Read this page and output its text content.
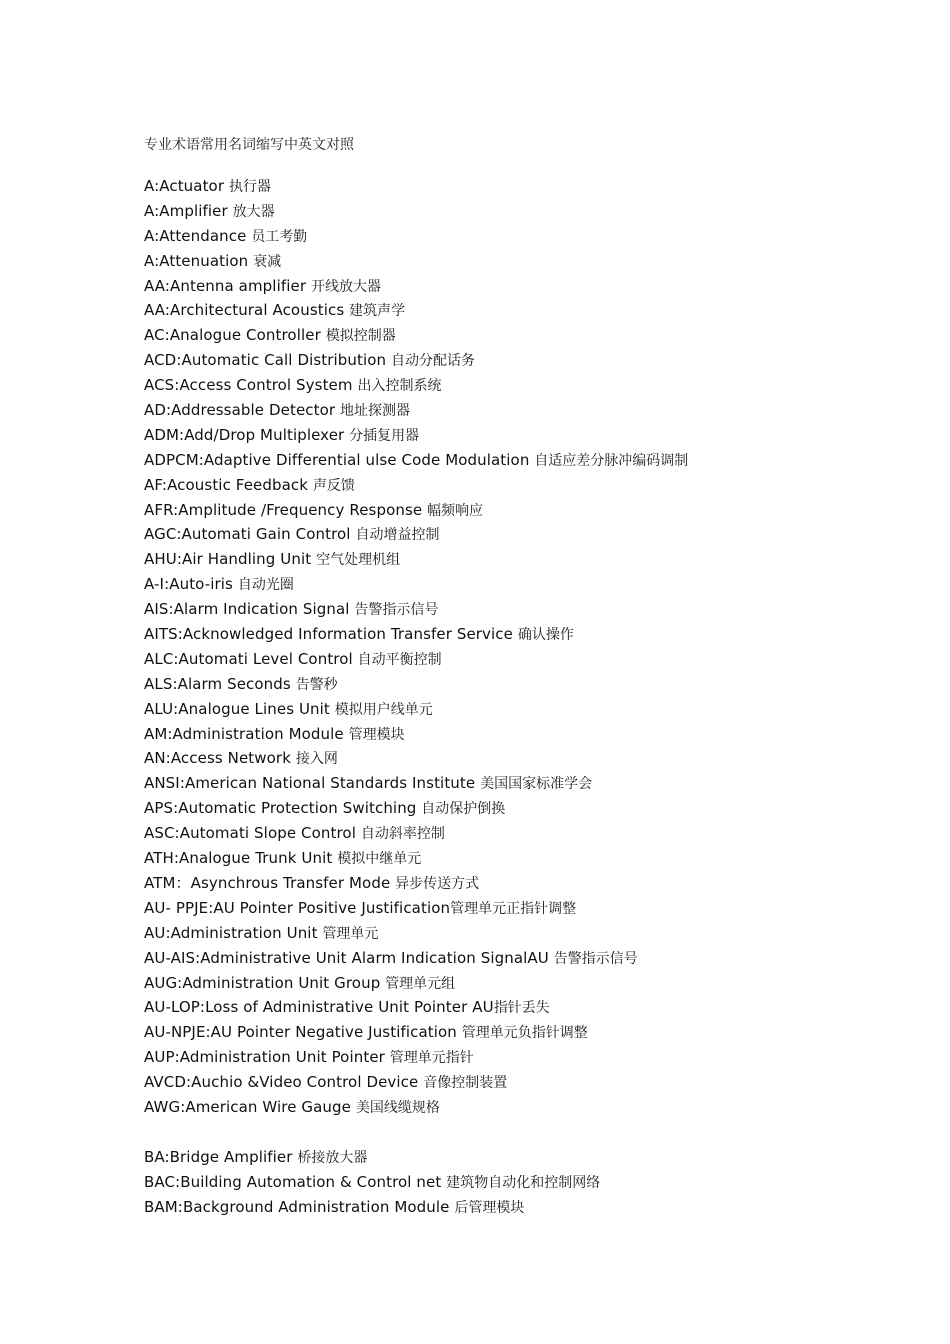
专业术语常用名词缩写中英文对照
A:Actuator 执行器
A:Amplifier 放大器
A:Attendance 员工考勤
A:Attenuation 衰减
AA:Antenna amplifier 开线放大器
AA:Architectural Acoustics 建筑声学
AC:Analogue Controller 模拟控制器
ACD:Automatic Call Distribution 自动分配话务
ACS:Access Control System 出入控制系统
AD:Addressable Detector 地址探测器
ADM:Add/Drop Multiplexer 分插复用器
ADPCM:Adaptive Differential ulse Code Modulation 自适应差分脉冲编码调制
AF:Acoustic Feedback 声反馈
AFR:Amplitude /Frequency Response 幅频响应
AGC:Automati Gain Control 自动增益控制
AHU:Air Handling Unit 空气处理机组
A-I:Auto-iris 自动光圈
AIS:Alarm Indication Signal 告警指示信号
AITS:Acknowledged Information Transfer Service 确认操作
ALC:Automati Level Control 自动平衡控制
ALS:Alarm Seconds 告警秒
ALU:Analogue Lines Unit 模拟用户线单元
AM:Administration Module 管理模块
AN:Access Network 接入网
ANSI:American National Standards Institute 美国国家标准学会
APS:Automatic Protection Switching 自动保护倒换
ASC:Automati Slope Control 自动斜率控制
ATH:Analogue Trunk Unit 模拟中继单元
ATM：Asynchrous Transfer Mode 异步传送方式
AU- PPJE:AU Pointer Positive Justification管理单元正指针调整
AU:Administration Unit 管理单元
AU-AIS:Administrative Unit Alarm Indication SignalAU 告警指示信号
AUG:Administration Unit Group 管理单元组
AU-LOP:Loss of Administrative Unit Pointer AU指针丢失
AU-NPJE:AU Pointer Negative Justification 管理单元负指针调整
AUP:Administration Unit Pointer 管理单元指针
AVCD:Auchio &Video Control Device 音像控制装置
AWG:American Wire Gauge 美国线缆规格
BA:Bridge Amplifier 桥接放大器
BAC:Building Automation & Control net 建筑物自动化和控制网络
BAM:Background Administration Module 后管理模块
